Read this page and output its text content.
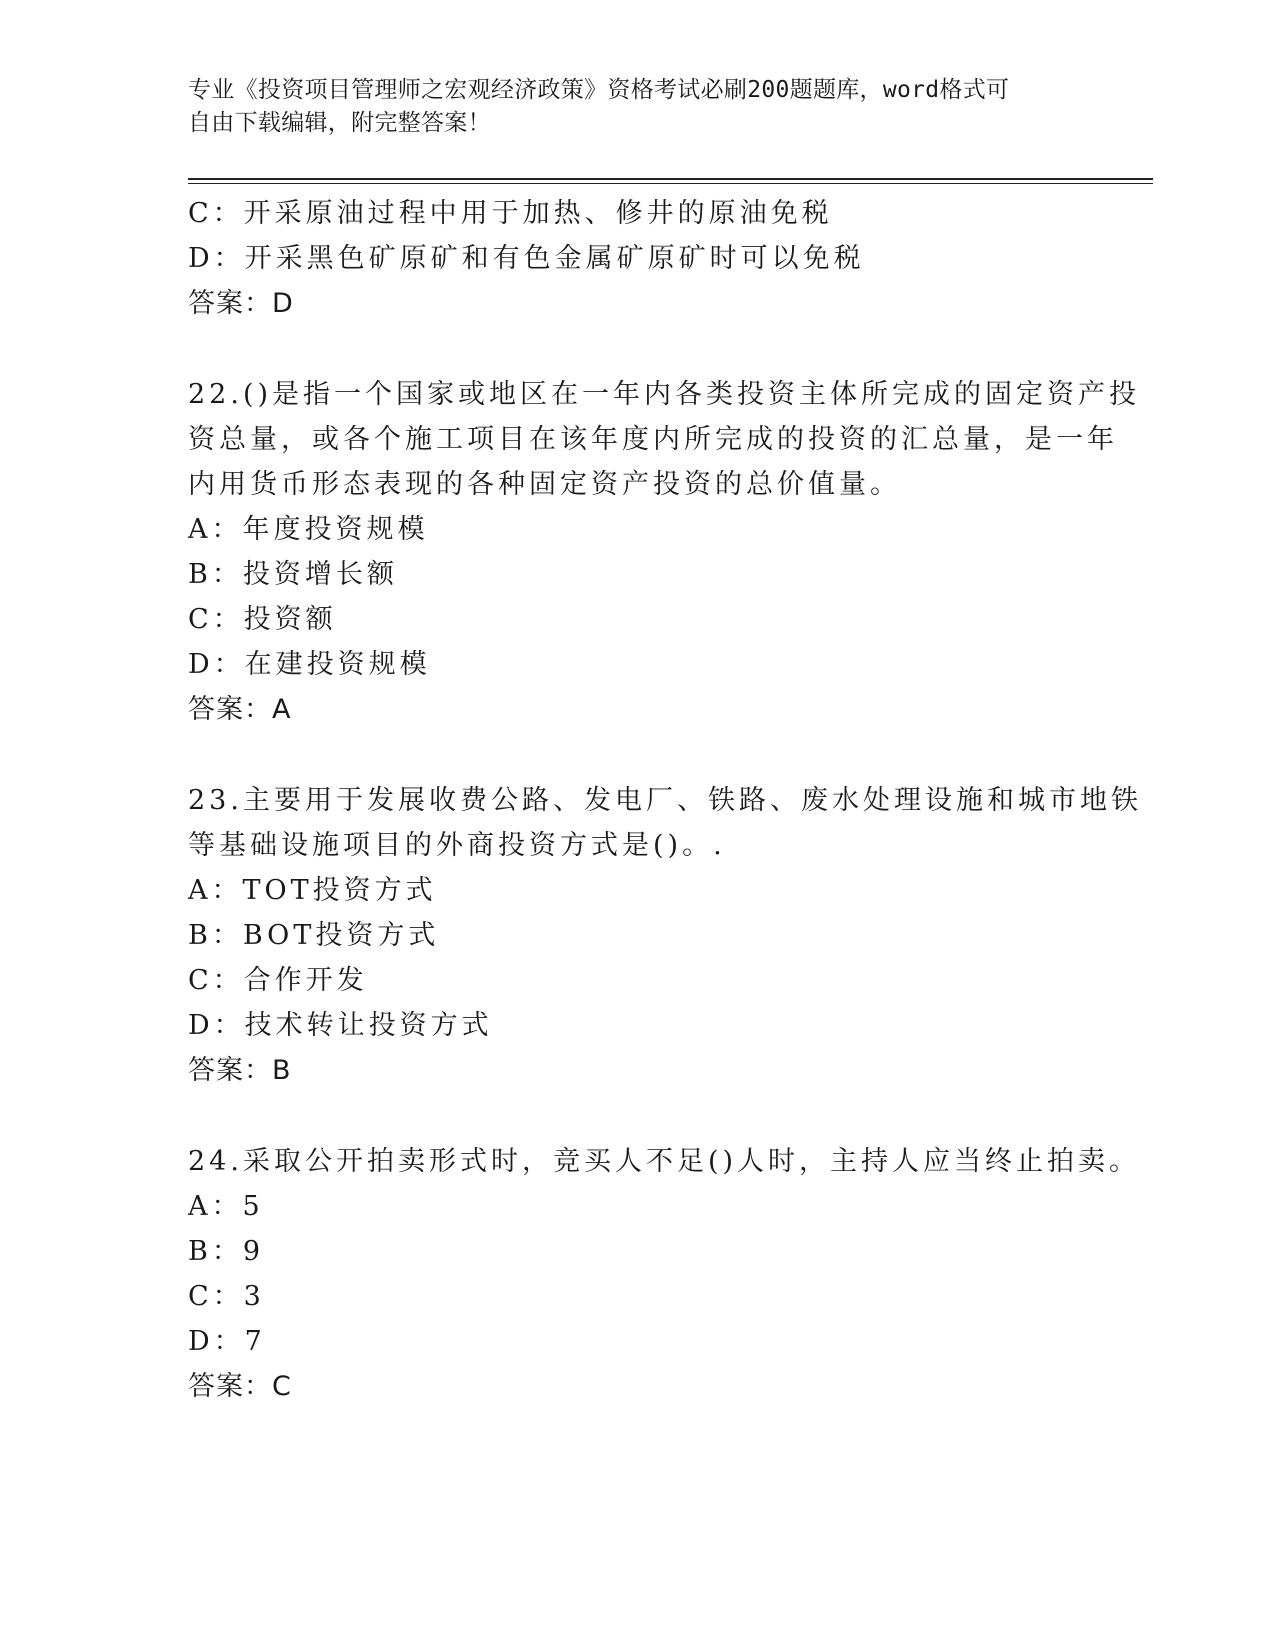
专业《投资项目管理师之宏观经济政策》资格考试必刷200题题库，word格式可
自由下载编辑，附完整答案！
C：开采原油过程中用于加热、修井的原油免税
D：开采黑色矿原矿和有色金属矿原矿时可以免税
答案：D
22.()是指一个国家或地区在一年内各类投资主体所完成的固定资产投
资总量，或各个施工项目在该年度内所完成的投资的汇总量，是一年
内用货币形态表现的各种固定资产投资的总价值量。
A：年度投资规模
B：投资增长额
C：投资额
D：在建投资规模
答案：A
23.主要用于发展收费公路、发电厂、铁路、废水处理设施和城市地铁
等基础设施项目的外商投资方式是()。.
A：TOT投资方式
B：BOT投资方式
C：合作开发
D：技术转让投资方式
答案：B
24.采取公开拍卖形式时，竞买人不足()人时，主持人应当终止拍卖。
A：5
B：9
C：3
D：7
答案：C
